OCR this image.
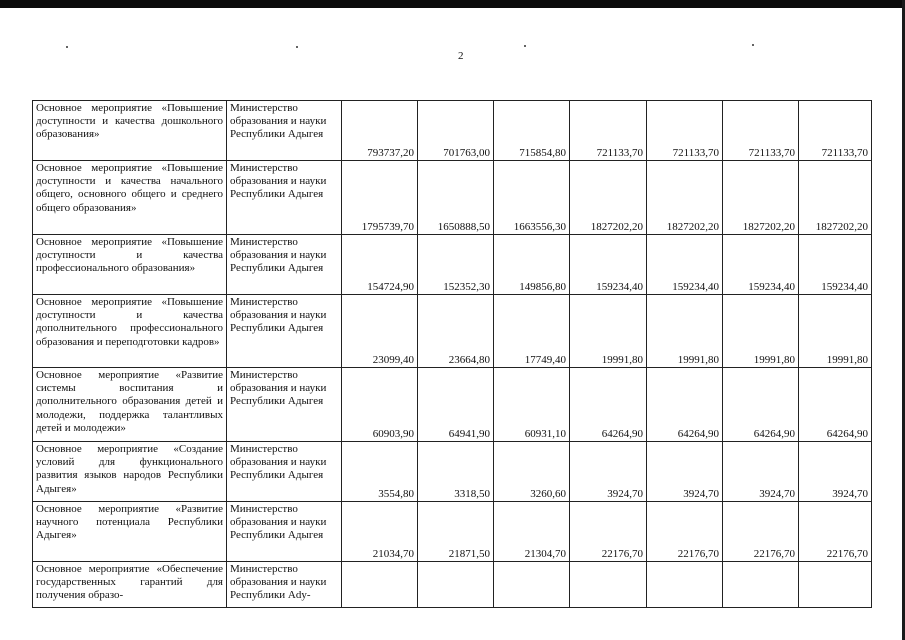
2
Основное мероприятие «Повышение доступности и качества дошкольного образования»	Министерство образования и науки Республики Адыгея	793737,20	701763,00	715854,80	721133,70	721133,70	721133,70	721133,70
Основное мероприятие «Повышение доступности и качества начального общего, основного общего и среднего общего образования»	Министерство образования и науки Республики Адыгея	1795739,70	1650888,50	1663556,30	1827202,20	1827202,20	1827202,20	1827202,20
Основное мероприятие «Повышение доступности и качества профессионального образования»	Министерство образования и науки Республики Адыгея	154724,90	152352,30	149856,80	159234,40	159234,40	159234,40	159234,40
Основное мероприятие «Повышение доступности и качества дополнительного профессионального образования и переподготовки кадров»	Министерство образования и науки Республики Адыгея	23099,40	23664,80	17749,40	19991,80	19991,80	19991,80	19991,80
Основное мероприятие «Развитие системы воспитания и дополнительного образования детей и молодежи, поддержка талантливых детей и молодежи»	Министерство образования и науки Республики Адыгея	60903,90	64941,90	60931,10	64264,90	64264,90	64264,90	64264,90
Основное мероприятие «Создание условий для функционального развития языков народов Республики Адыгея»	Министерство образования и науки Республики Адыгея	3554,80	3318,50	3260,60	3924,70	3924,70	3924,70	3924,70
Основное мероприятие «Развитие научного потенциала Республики Адыгея»	Министерство образования и науки Республики Адыгея	21034,70	21871,50	21304,70	22176,70	22176,70	22176,70	22176,70
Основное мероприятие «Обеспечение государственных гарантий для получения образо-	Министерство образования и науки Республики Ady-							
